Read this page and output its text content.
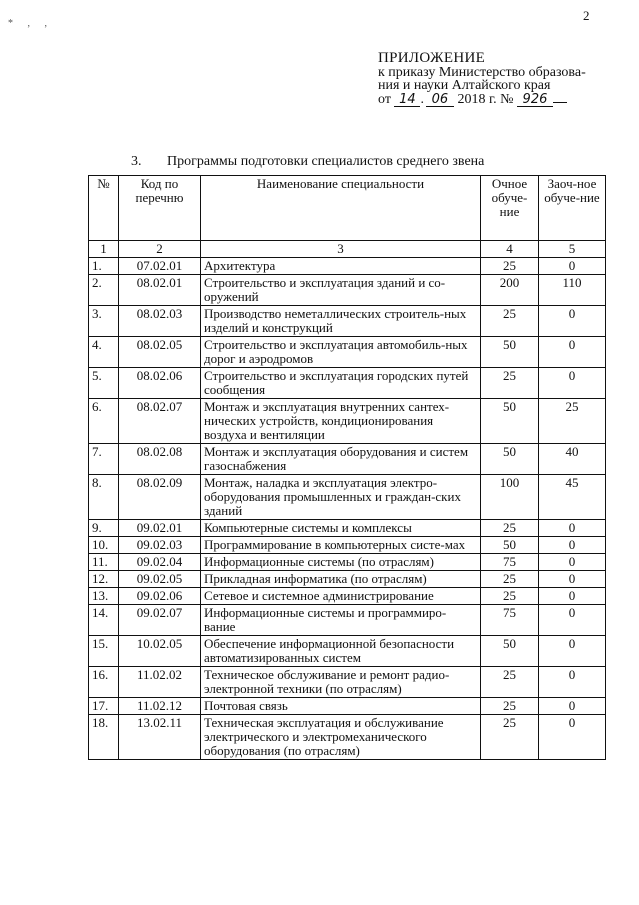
2
* , ,
ПРИЛОЖЕНИЕ
к приказу Министерство образова-
ния и науки Алтайского края
от 14 . 06 2018 г. № 926
3. Программы подготовки специалистов среднего звена
№	Код по перечню	Наименование специальности	Очное обуче-ние	Заоч-ное обуче-ние
1	2	3	4	5
1.	07.02.01	Архитектура	25	0
2.	08.02.01	Строительство и эксплуатация зданий и со-оружений	200	110
3.	08.02.03	Производство неметаллических строитель-ных изделий и конструкций	25	0
4.	08.02.05	Строительство и эксплуатация автомобиль-ных дорог и аэродромов	50	0
5.	08.02.06	Строительство и эксплуатация городских путей сообщения	25	0
6.	08.02.07	Монтаж и эксплуатация внутренних сантех-нических устройств, кондиционирования воздуха и вентиляции	50	25
7.	08.02.08	Монтаж и эксплуатация оборудования и систем газоснабжения	50	40
8.	08.02.09	Монтаж, наладка и эксплуатация электро-оборудования промышленных и граждан-ских зданий	100	45
9.	09.02.01	Компьютерные системы и комплексы	25	0
10.	09.02.03	Программирование в компьютерных систе-мах	50	0
11.	09.02.04	Информационные системы (по отраслям)	75	0
12.	09.02.05	Прикладная информатика (по отраслям)	25	0
13.	09.02.06	Сетевое и системное администрирование	25	0
14.	09.02.07	Информационные системы и программиро-вание	75	0
15.	10.02.05	Обеспечение информационной безопасности автоматизированных систем	50	0
16.	11.02.02	Техническое обслуживание и ремонт радио-электронной техники (по отраслям)	25	0
17.	11.02.12	Почтовая связь	25	0
18.	13.02.11	Техническая эксплуатация и обслуживание электрического и электромеханического оборудования (по отраслям)	25	0
